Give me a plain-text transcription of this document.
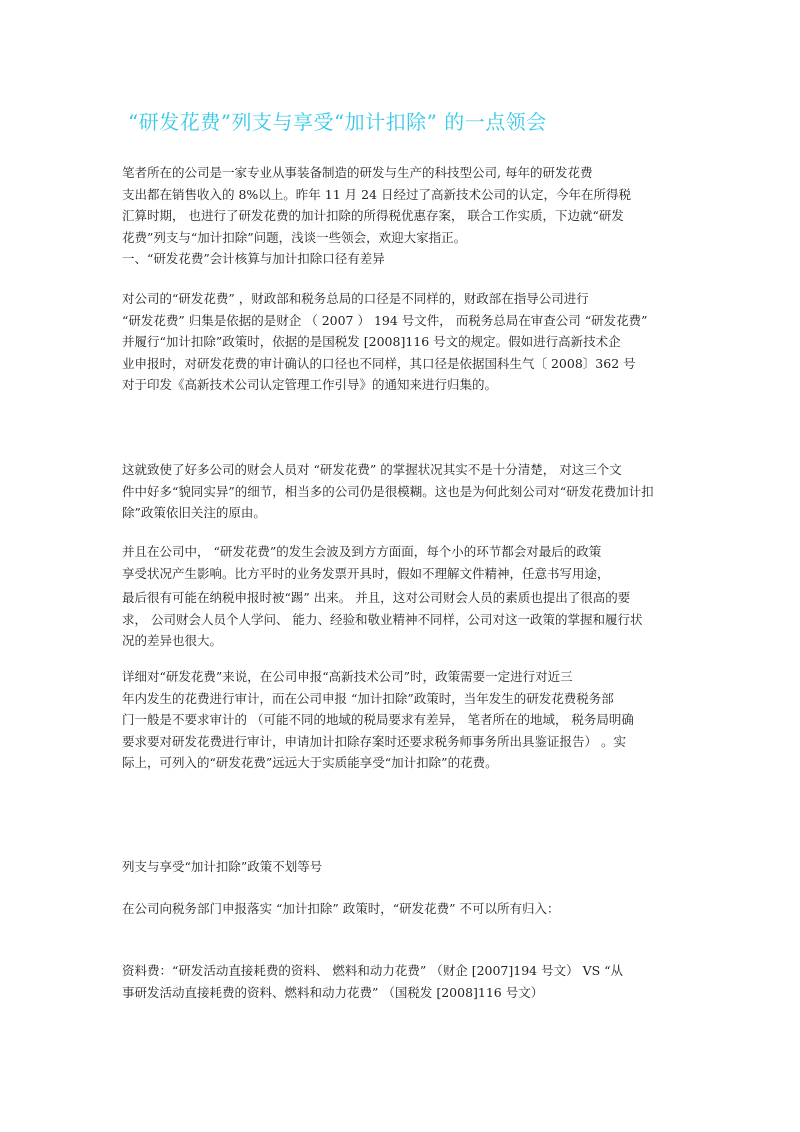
“研发花费”列支与享受“加计扣除” 的一点领会
笔者所在的公司是一家专业从事装备制造的研发与生产的科技型公司, 每年的研发花费
支出都在销售收入的 8%以上。昨年 11 月 24 日经过了高新技术公司的认定，今年在所得税
汇算时期， 也进行了研发花费的加计扣除的所得税优惠存案， 联合工作实质，下边就“研发
花费”列支与“加计扣除”问题，浅谈一些领会，欢迎大家指正。
一、“研发花费”会计核算与加计扣除口径有差异
对公司的“研发花费” ，财政部和税务总局的口径是不同样的，财政部在指导公司进行
“研发花费” 归集是依据的是财企 （ 2007 ） 194 号文件， 而税务总局在审查公司 “研发花费”
并履行“加计扣除”政策时，依据的是国税发 [2008]116 号文的规定。假如进行高新技术企
业申报时，对研发花费的审计确认的口径也不同样，其口径是依据国科生气〔 2008〕362 号
对于印发《高新技术公司认定管理工作引导》的通知来进行归集的。
这就致使了好多公司的财会人员对 “研发花费” 的掌握状况其实不是十分清楚， 对这三个文
件中好多“貌同实异”的细节，相当多的公司仍是很模糊。这也是为何此刻公司对“研发花费加计扣
除”政策依旧关注的原由。
并且在公司中， “研发花费”的发生会波及到方方面面，每个小的环节都会对最后的政策
享受状况产生影响。比方平时的业务发票开具时，假如不理解文件精神，任意书写用途，
最后很有可能在纳税申报时被“踢” 出来。 并且，这对公司财会人员的素质也提出了很高的要
求， 公司财会人员个人学问、 能力、经验和敬业精神不同样，公司对这一政策的掌握和履行状
况的差异也很大。
详细对“研发花费”来说，在公司申报“高新技术公司”时，政策需要一定进行对近三
年内发生的花费进行审计，而在公司申报 “加计扣除”政策时，当年发生的研发花费税务部
门一般是不要求审计的 （可能不同的地域的税局要求有差异， 笔者所在的地域， 税务局明确
要求要对研发花费进行审计，申请加计扣除存案时还要求税务师事务所出具鉴证报告） 。实
际上，可列入的“研发花费”远远大于实质能享受“加计扣除”的花费。
列支与享受“加计扣除”政策不划等号
在公司向税务部门申报落实 “加计扣除” 政策时，“研发花费” 不可以所有归入：
资料费：“研发活动直接耗费的资料、 燃料和动力花费” （财企 [2007]194 号文） VS “从
事研发活动直接耗费的资料、燃料和动力花费” （国税发 [2008]116 号文）
